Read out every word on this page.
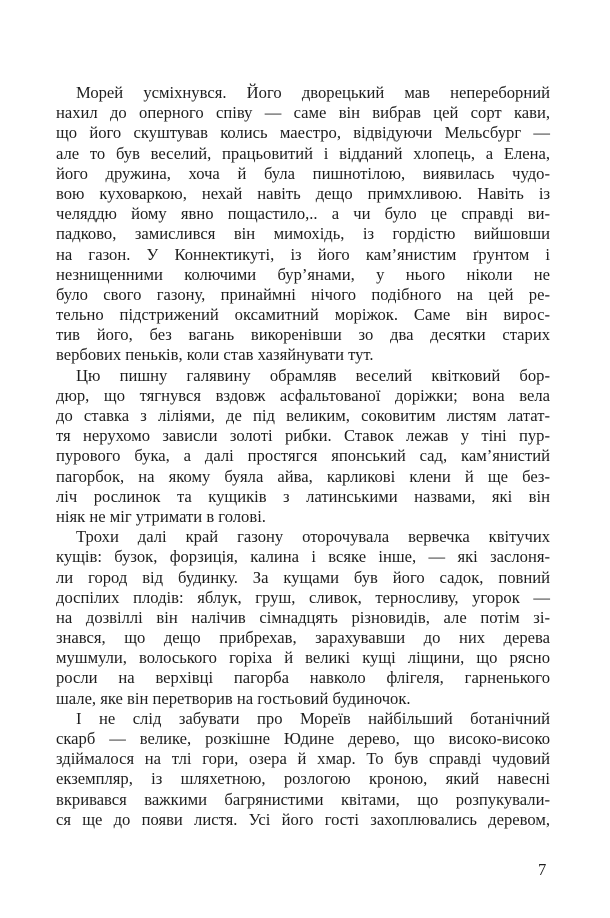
Морей усміхнувся. Його дворецький мав непереборний
нахил до оперного співу — саме він вибрав цей сорт кави,
що його скуштував колись маестро, відвідуючи Мельсбург —
але то був веселий, працьовитий і відданий хлопець, а Елена,
його дружина, хоча й була пишнотілою, виявилась чудо-
вою куховаркою, нехай навіть дещо примхливою. Навіть із
челяддю йому явно пощастило,.. а чи було це справді ви-
падково, замислився він мимохідь, із гордістю вийшовши
на газон. У Коннектикуті, із його кам’янистим ґрунтом і
незнищенними колючими бур’янами, у нього ніколи не
було свого газону, принаймні нічого подібного на цей ре-
тельно підстрижений оксамитний моріжок. Саме він вирос-
тив його, без вагань викоренівши зо два десятки старих
вербових пеньків, коли став хазяйнувати тут.
Цю пишну галявину обрамляв веселий квітковий бор-
дюр, що тягнувся вздовж асфальтованої доріжки; вона вела
до ставка з ліліями, де під великим, соковитим листям латат-
тя нерухомо зависли золоті рибки. Ставок лежав у тіні пур-
пурового бука, а далі простягся японський сад, кам’янистий
пагорбок, на якому буяла айва, карликові клени й ще без-
ліч рослинок та кущиків з латинськими назвами, які він
ніяк не міг утримати в голові.
Трохи далі край газону оторочувала вервечка квітучих
кущів: бузок, форзиція, калина і всяке інше, — які заслоня-
ли город від будинку. За кущами був його садок, повний
доспілих плодів: яблук, груш, сливок, терносливу, угорок —
на дозвіллі він налічив сімнадцять різновидів, але потім зі-
знався, що дещо прибрехав, зарахувавши до них дерева
мушмули, волоського горіха й великі кущі ліщини, що рясно
росли на верхівці пагорба навколо флігеля, гарненького
шале, яке він перетворив на гостьовий будиночок.
І не слід забувати про Мореїв найбільший ботанічний
скарб — велике, розкішне Юдине дерево, що високо-високо
здіймалося на тлі гори, озера й хмар. То був справді чудовий
екземпляр, із шляхетною, розлогою кроною, який навесні
вкривався важкими багрянистими квітами, що розпукували-
ся ще до появи листя. Усі його гості захоплювались деревом,
7
